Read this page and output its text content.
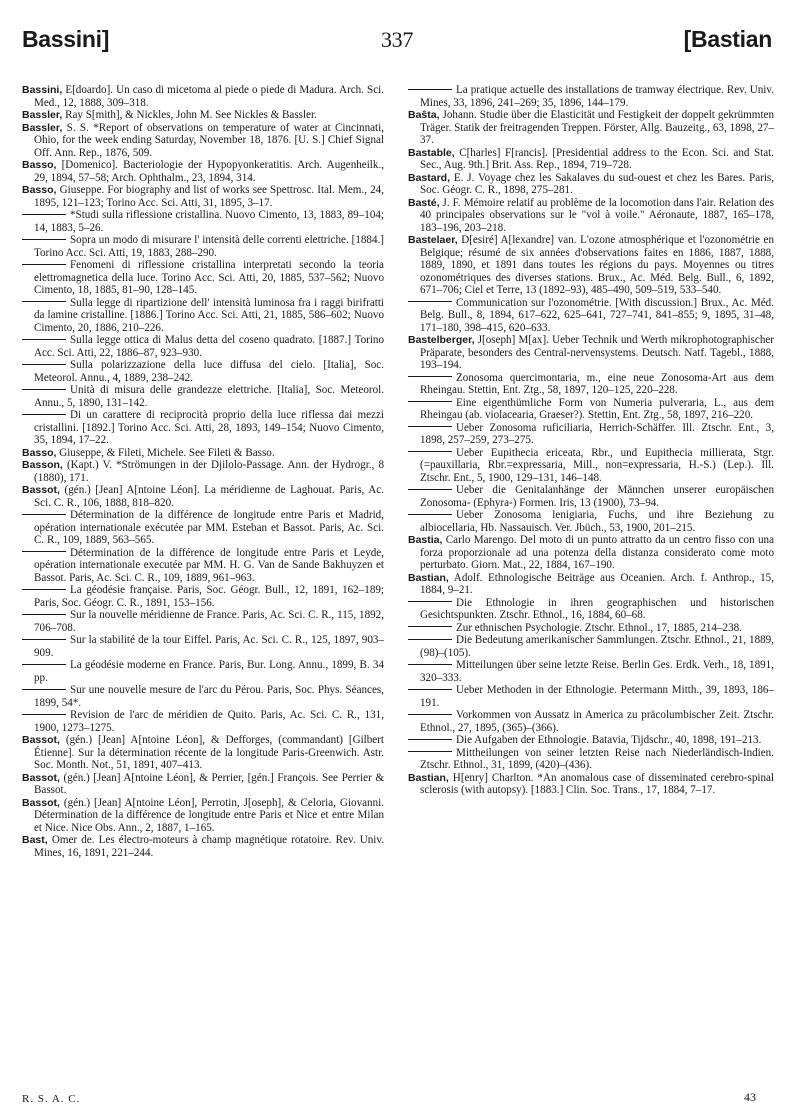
Bassini]	337	[Bastian

Bassini, E[doardo]. Un caso di micetoma al piede o piede di Madura. Arch. Sci. Med., 12, 1888, 309–318.

Bassler, Ray S[mith], & Nickles, John M. See Nickles & Bassler.

Bassler, S. S. *Report of observations on temperature of water at Cincinnati, Ohio, for the week ending Saturday, November 18, 1876. [U. S.] Chief Signal Off. Ann. Rep., 1876, 509.

Basso, [Domenico]. Bacteriologie der Hypopyonkeratitis. Arch. Augenheilk., 29, 1894, 57–58; Arch. Ophthalm., 23, 1894, 314.

Basso, Giuseppe. For biography and list of works see Spettrosc. Ital. Mem., 24, 1895, 121–123; Torino Acc. Sci. Atti, 31, 1895, 3–17.

*Studi sulla riflessione cristallina. Nuovo Cimento, 13, 1883, 89–104; 14, 1883, 5–26.

Sopra un modo di misurare l' intensità delle correnti elettriche. [1884.] Torino Acc. Sci. Atti, 19, 1883, 288–290.

Fenomeni di riflessione cristallina interpretati secondo la teoria elettromagnetica della luce. Torino Acc. Sci. Atti, 20, 1885, 537–562; Nuovo Cimento, 18, 1885, 81–90, 128–145.

Sulla legge di ripartizione dell' intensità luminosa fra i raggi birifratti da lamine cristalline. [1886.] Torino Acc. Sci. Atti, 21, 1885, 586–602; Nuovo Cimento, 20, 1886, 210–226.

Sulla legge ottica di Malus detta del coseno quadrato. [1887.] Torino Acc. Sci. Atti, 22, 1886–87, 923–930.

Sulla polarizzazione della luce diffusa del cielo. [Italia], Soc. Meteorol. Annu., 4, 1889, 238–242.

Unità di misura delle grandezze elettriche. [Italia], Soc. Meteorol. Annu., 5, 1890, 131–142.

Di un carattere di reciprocità proprio della luce riflessa dai mezzi cristallini. [1892.] Torino Acc. Sci. Atti, 28, 1893, 149–154; Nuovo Cimento, 35, 1894, 17–22.

Basso, Giuseppe, & Fileti, Michele. See Fileti & Basso.

Basson, (Kapt.) V. *Strömungen in der Djilolo-Passage. Ann. der Hydrogr., 8 (1880), 171.

Bassot, (gén.) [Jean] A[ntoine Léon]. La méridienne de Laghouat. Paris, Ac. Sci. C. R., 106, 1888, 818–820.

Détermination de la différence de longitude entre Paris et Madrid, opération internationale exécutée par MM. Esteban et Bassot. Paris, Ac. Sci. C. R., 109, 1889, 563–565.

Détermination de la différence de longitude entre Paris et Leyde, opération internationale executée par MM. H. G. Van de Sande Bakhuyzen et Bassot. Paris, Ac. Sci. C. R., 109, 1889, 961–963.

La géodésie française. Paris, Soc. Géogr. Bull., 12, 1891, 162–189; Paris, Soc. Géogr. C. R., 1891, 153–156.

Sur la nouvelle méridienne de France. Paris, Ac. Sci. C. R., 115, 1892, 706–708.

Sur la stabilité de la tour Eiffel. Paris, Ac. Sci. C. R., 125, 1897, 903–909.

La géodésie moderne en France. Paris, Bur. Long. Annu., 1899, B. 34 pp.

Sur une nouvelle mesure de l'arc du Pérou. Paris, Soc. Phys. Séances, 1899, 54*.

Revision de l'arc de méridien de Quito. Paris, Ac. Sci. C. R., 131, 1900, 1273–1275.

Bassot, (gén.) [Jean] A[ntoine Léon], & Defforges, (commandant) [Gilbert Étienne]. Sur la détermination récente de la longitude Paris-Greenwich. Astr. Soc. Month. Not., 51, 1891, 407–413.

Bassot, (gén.) [Jean] A[ntoine Léon], & Perrier, [gén.] François. See Perrier & Bassot.

Bassot, (gén.) [Jean] A[ntoine Léon], Perrotin, J[oseph], & Celoria, Giovanni. Détermination de la différence de longitude entre Paris et Nice et entre Milan et Nice. Nice Obs. Ann., 2, 1887, 1–165.

Bast, Omer de. Les électro-moteurs à champ magnétique rotatoire. Rev. Univ. Mines, 16, 1891, 221–244.

La pratique actuelle des installations de tramway électrique. Rev. Univ. Mines, 33, 1896, 241–269; 35, 1896, 144–179.

Baŝta, Johann. Studie über die Elasticität und Festigkeit der doppelt gekrümmten Träger. Statik der freitragenden Treppen. Förster, Allg. Bauzeitg., 63, 1898, 27–37.

Bastable, C[harles] F[rancis]. [Presidential address to the Econ. Sci. and Stat. Sec., Aug. 9th.] Brit. Ass. Rep., 1894, 719–728.

Bastard, E. J. Voyage chez les Sakalaves du sud-ouest et chez les Bares. Paris, Soc. Géogr. C. R., 1898, 275–281.

Basté, J. F. Mémoire relatif au problème de la locomotion dans l'air. Relation des 40 principales observations sur le "vol à voile." Aéronaute, 1887, 165–178, 183–196, 203–218.

Bastelaer, D[esiré] A[lexandre] van. L'ozone atmosphérique et l'ozonométrie en Belgique; résumé de six années d'observations faites en 1886, 1887, 1888, 1889, 1890, et 1891 dans toutes les régions du pays. Moyennes ou titres ozonométriques des diverses stations. Brux., Ac. Méd. Belg. Bull., 6, 1892, 671–706; Ciel et Terre, 13 (1892–93), 485–490, 509–519, 533–540.

Communication sur l'ozonométrie. [With discussion.] Brux., Ac. Méd. Belg. Bull., 8, 1894, 617–622, 625–641, 727–741, 841–855; 9, 1895, 31–48, 171–180, 398–415, 620–633.

Bastelberger, J[oseph] M[ax]. Ueber Technik und Werth mikrophotographischer Präparate, besonders des Central-nervensystems. Deutsch. Natf. Tagebl., 1888, 193–194.

Zonosoma quercimontaria, m., eine neue Zonosoma-Art aus dem Rheingau. Stettin, Ent. Ztg., 58, 1897, 120–125, 220–228.

Eine eigenthümliche Form von Numeria pulveraria, L., aus dem Rheingau (ab. violacearia, Graeser?). Stettin, Ent. Ztg., 58, 1897, 216–220.

Ueber Zonosoma ruficiliaria, Herrich-Schäffer. Ill. Ztschr. Ent., 3, 1898, 257–259, 273–275.

Ueber Eupithecia ericeata, Rbr., und Eupithecia millierata, Stgr. (=pauxillaria, Rbr.=expressaria, Mill., non=expressaria, H.-S.) (Lep.). Ill. Ztschr. Ent., 5, 1900, 129–131, 146–148.

Ueber die Genitalanhänge der Männchen unserer europäischen Zonosoma- (Ephyra-) Formen. Iris, 13 (1900), 73–94.

Ueber Zonosoma lenigiaria, Fuchs, und ihre Beziehung zu albiocellaria, Hb. Nassauisch. Ver. Jbüch., 53, 1900, 201–215.

Bastia, Carlo Marengo. Del moto di un punto attratto da un centro fisso con una forza proporzionale ad una potenza della distanza considerato come moto perturbato. Giorn. Mat., 22, 1884, 167–190.

Bastian, Adolf. Ethnologische Beiträge aus Oceanien. Arch. f. Anthrop., 15, 1884, 9–21.

Die Ethnologie in ihren geographischen und historischen Gesichtspunkten. Ztschr. Ethnol., 16, 1884, 60–68.

Zur ethnischen Psychologie. Ztschr. Ethnol., 17, 1885, 214–238.

Die Bedeutung amerikanischer Sammlungen. Ztschr. Ethnol., 21, 1889, (98)–(105).

Mitteilungen über seine letzte Reise. Berlin Ges. Erdk. Verh., 18, 1891, 320–333.

Ueber Methoden in der Ethnologie. Petermann Mitth., 39, 1893, 186–191.

Vorkommen von Aussatz in America zu präcolumbischer Zeit. Ztschr. Ethnol., 27, 1895, (365)–(366).

Die Aufgaben der Ethnologie. Batavia, Tijdschr., 40, 1898, 191–213.

Mittheilungen von seiner letzten Reise nach Niederländisch-Indien. Ztschr. Ethnol., 31, 1899, (420)–(436).

Bastian, H[enry] Charlton. *An anomalous case of disseminated cerebro-spinal sclerosis (with autopsy). [1883.] Clin. Soc. Trans., 17, 1884, 7–17.

R. S. A. C.	43
